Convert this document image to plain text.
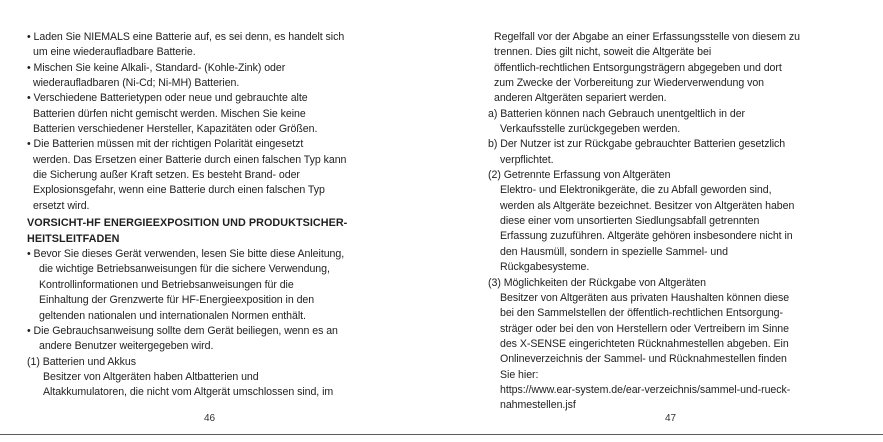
• Laden Sie NIEMALS eine Batterie auf, es sei denn, es handelt sich
um eine wiederaufladbare Batterie.
• Mischen Sie keine Alkali-, Standard- (Kohle-Zink) oder
wiederaufladbaren (Ni-Cd; Ni-MH) Batterien.
• Verschiedene Batterietypen oder neue und gebrauchte alte
Batterien dürfen nicht gemischt werden. Mischen Sie keine
Batterien verschiedener Hersteller, Kapazitäten oder Größen.
• Die Batterien müssen mit der richtigen Polarität eingesetzt
werden. Das Ersetzen einer Batterie durch einen falschen Typ kann
die Sicherung außer Kraft setzen. Es besteht Brand- oder
Explosionsgefahr, wenn eine Batterie durch einen falschen Typ
ersetzt wird.
VORSICHT-HF ENERGIEEXPOSITION UND PRODUKTSICHER-
HEITSLEITFADEN
• Bevor Sie dieses Gerät verwenden, lesen Sie bitte diese Anleitung,
die wichtige Betriebsanweisungen für die sichere Verwendung,
Kontrollinformationen und Betriebsanweisungen für die
Einhaltung der Grenzwerte für HF-Energieexposition in den
geltenden nationalen und internationalen Normen enthält.
• Die Gebrauchsanweisung sollte dem Gerät beiliegen, wenn es an
andere Benutzer weitergegeben wird.
(1) Batterien und Akkus
Besitzer von Altgeräten haben Altbatterien und
Altakkumulatoren, die nicht vom Altgerät umschlossen sind, im
46
Regelfall vor der Abgabe an einer Erfassungsstelle von diesem zu
trennen. Dies gilt nicht, soweit die Altgeräte bei
öffentlich-rechtlichen Entsorgungsträgern abgegeben und dort
zum Zwecke der Vorbereitung zur Wiederverwendung von
anderen Altgeräten separiert werden.
a) Batterien können nach Gebrauch unentgeltlich in der
Verkaufsstelle zurückgegeben werden.
b) Der Nutzer ist zur Rückgabe gebrauchter Batterien gesetzlich
verpflichtet.
(2) Getrennte Erfassung von Altgeräten
Elektro- und Elektronikgeräte, die zu Abfall geworden sind,
werden als Altgeräte bezeichnet. Besitzer von Altgeräten haben
diese einer vom unsortierten Siedlungsabfall getrennten
Erfassung zuzuführen. Altgeräte gehören insbesondere nicht in
den Hausmüll, sondern in spezielle Sammel- und
Rückgabesysteme.
(3) Möglichkeiten der Rückgabe von Altgeräten
Besitzer von Altgeräten aus privaten Haushalten können diese
bei den Sammelstellen der öffentlich-rechtlichen Entsorgung-
sträger oder bei den von Herstellern oder Vertreibern im Sinne
des X-SENSE eingerichteten Rücknahmestellen abgeben. Ein
Onlineverzeichnis der Sammel- und Rücknahmestellen finden
Sie hier:
https://www.ear-system.de/ear-verzeichnis/sammel-und-rueck-
nahmestellen.jsf
47
